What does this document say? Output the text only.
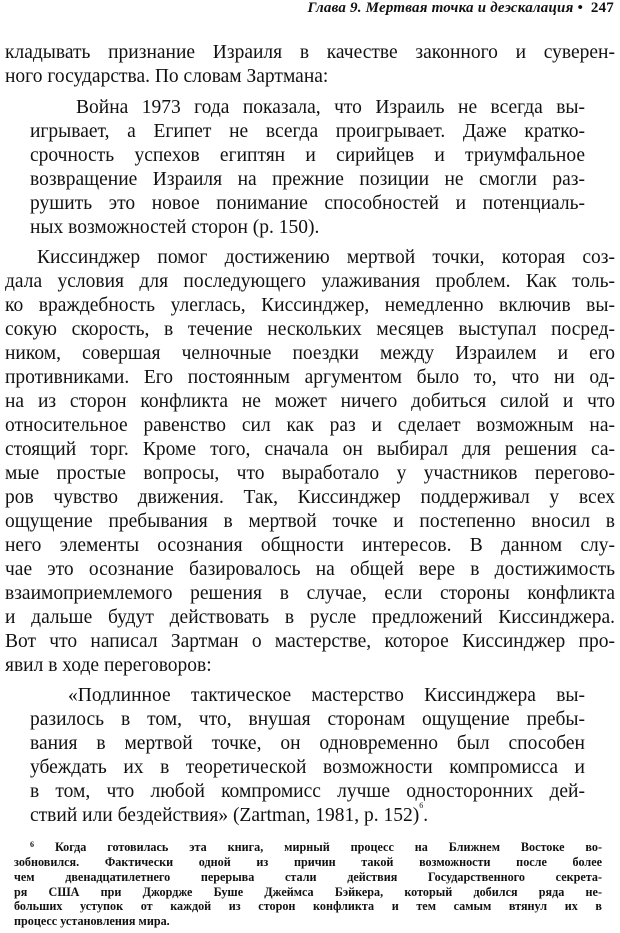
Глава 9. Мертвая точка и деэскалация • 247
кладывать признание Израиля в качестве законного и суверен-
ного государства. По словам Зартмана:
Война 1973 года показала, что Израиль не всегда вы-
игрывает, а Египет не всегда проигрывает. Даже кратко-
срочность успехов египтян и сирийцев и триумфальное
возвращение Израиля на прежние позиции не смогли раз-
рушить это новое понимание способностей и потенциаль-
ных возможностей сторон (р. 150).
Киссинджер помог достижению мертвой точки, которая соз-
дала условия для последующего улаживания проблем. Как толь-
ко враждебность улеглась, Киссинджер, немедленно включив вы-
сокую скорость, в течение нескольких месяцев выступал посред-
ником, совершая челночные поездки между Израилем и его
противниками. Его постоянным аргументом было то, что ни од-
на из сторон конфликта не может ничего добиться силой и что
относительное равенство сил как раз и сделает возможным на-
стоящий торг. Кроме того, сначала он выбирал для решения са-
мые простые вопросы, что выработало у участников перегово-
ров чувство движения. Так, Киссинджер поддерживал у всех
ощущение пребывания в мертвой точке и постепенно вносил в
него элементы осознания общности интересов. В данном слу-
чае это осознание базировалось на общей вере в достижимость
взаимоприемлемого решения в случае, если стороны конфликта
и дальше будут действовать в русле предложений Киссинджера.
Вот что написал Зартман о мастерстве, которое Киссинджер про-
явил в ходе переговоров:
«Подлинное тактическое мастерство Киссинджера вы-
разилось в том, что, внушая сторонам ощущение пребы-
вания в мертвой точке, он одновременно был способен
убеждать их в теоретической возможности компромисса и
в том, что любой компромисс лучше односторонних дей-
ствий или бездействия» (Zartman, 1981, р. 152)$^6$.
$^6$ Когда готовилась эта книга, мирный процесс на Ближнем Востоке во-
зобновился. Фактически одной из причин такой возможности после более
чем двенадцатилетнего перерыва стали действия Государственного секрета-
ря США при Джордже Буше Джеймса Бэйкера, который добился ряда не-
больших уступок от каждой из сторон конфликта и тем самым втянул их в
процесс установления мира.
